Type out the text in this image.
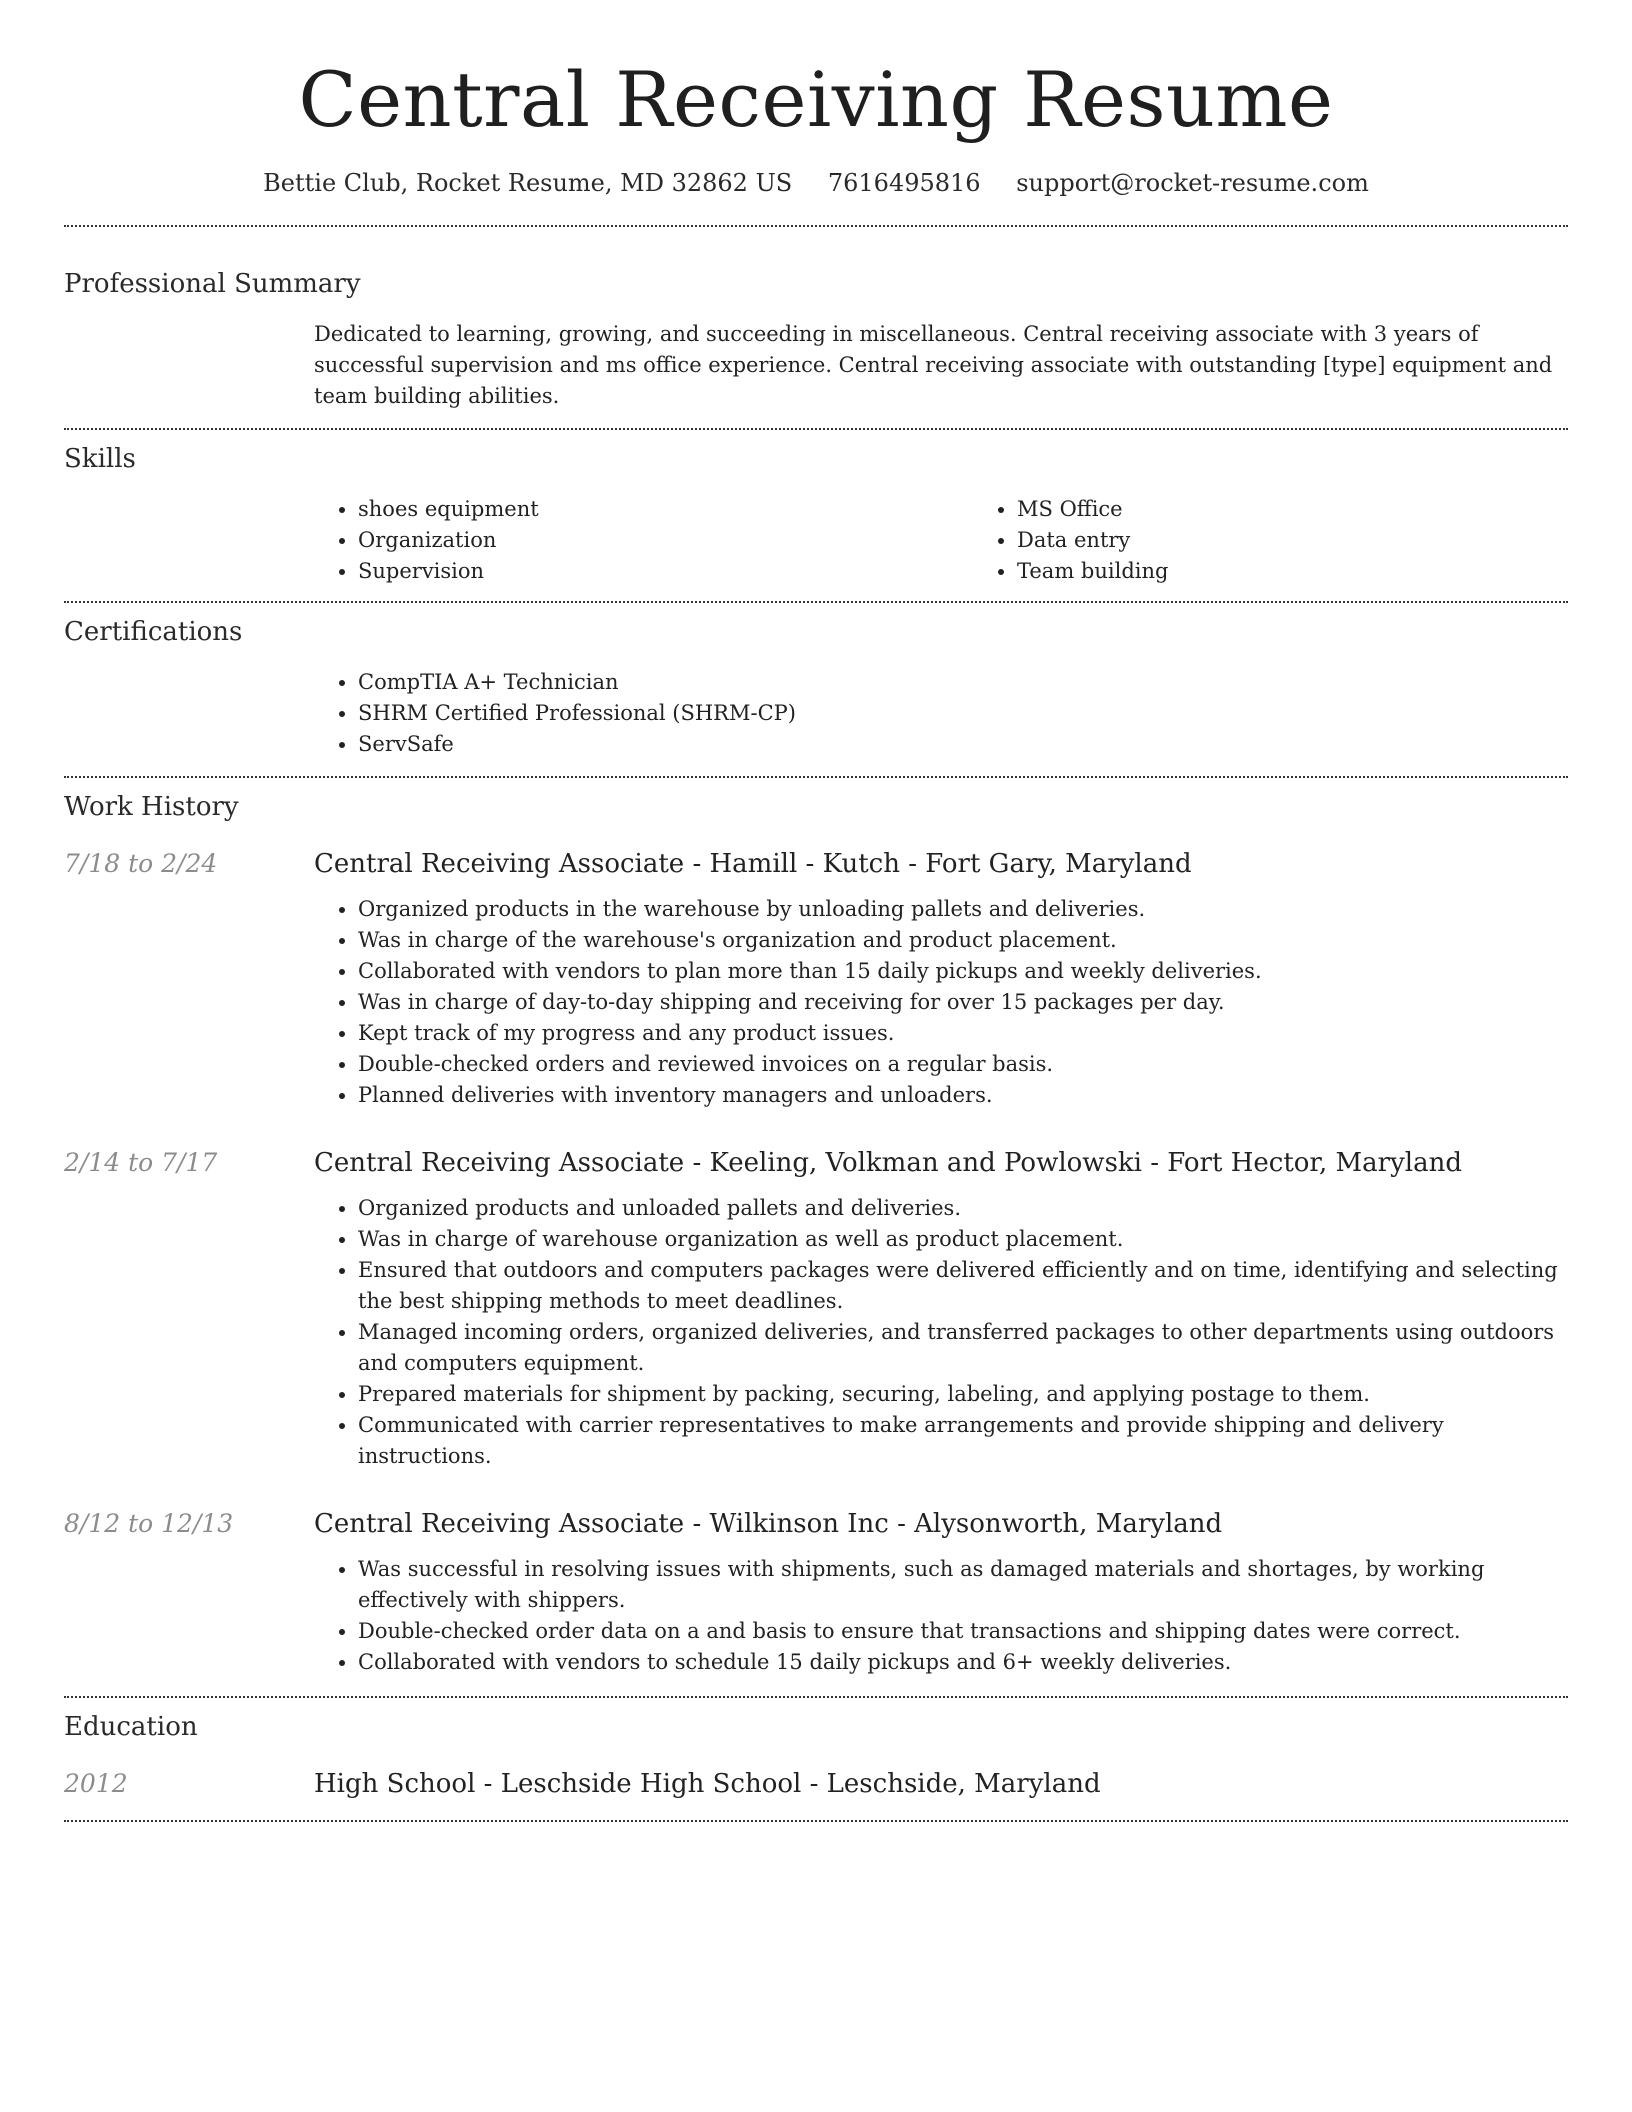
Central Receiving Resume
Bettie Club, Rocket Resume, MD 32862 US 7616495816 support@rocket-resume.com
Professional Summary

Dedicated to learning, growing, and succeeding in miscellaneous. Central receiving associate with 3 years of successful supervision and ms office experience. Central receiving associate with outstanding [type] equipment and team building abilities.

Skills
• shoes equipment
• Organization
• Supervision
• MS Office
• Data entry
• Team building
Certifications
• CompTIA A+ Technician
• SHRM Certified Professional (SHRM-CP)
• ServSafe
Work History
7/18 to 2/24	Central Receiving Associate - Hamill - Kutch - Fort Gary, Maryland
• Organized products in the warehouse by unloading pallets and deliveries.
• Was in charge of the warehouse's organization and product placement.
• Collaborated with vendors to plan more than 15 daily pickups and weekly deliveries.
• Was in charge of day-to-day shipping and receiving for over 15 packages per day.
• Kept track of my progress and any product issues.
• Double-checked orders and reviewed invoices on a regular basis.
• Planned deliveries with inventory managers and unloaders.
2/14 to 7/17	Central Receiving Associate - Keeling, Volkman and Powlowski - Fort Hector, Maryland
• Organized products and unloaded pallets and deliveries.
• Was in charge of warehouse organization as well as product placement.
• Ensured that outdoors and computers packages were delivered efficiently and on time, identifying and selecting the best shipping methods to meet deadlines.
• Managed incoming orders, organized deliveries, and transferred packages to other departments using outdoors and computers equipment.
• Prepared materials for shipment by packing, securing, labeling, and applying postage to them.
• Communicated with carrier representatives to make arrangements and provide shipping and delivery instructions.
8/12 to 12/13	Central Receiving Associate - Wilkinson Inc - Alysonworth, Maryland
• Was successful in resolving issues with shipments, such as damaged materials and shortages, by working effectively with shippers.
• Double-checked order data on a and basis to ensure that transactions and shipping dates were correct.
• Collaborated with vendors to schedule 15 daily pickups and 6+ weekly deliveries.
Education
2012	High School - Leschside High School - Leschside, Maryland
